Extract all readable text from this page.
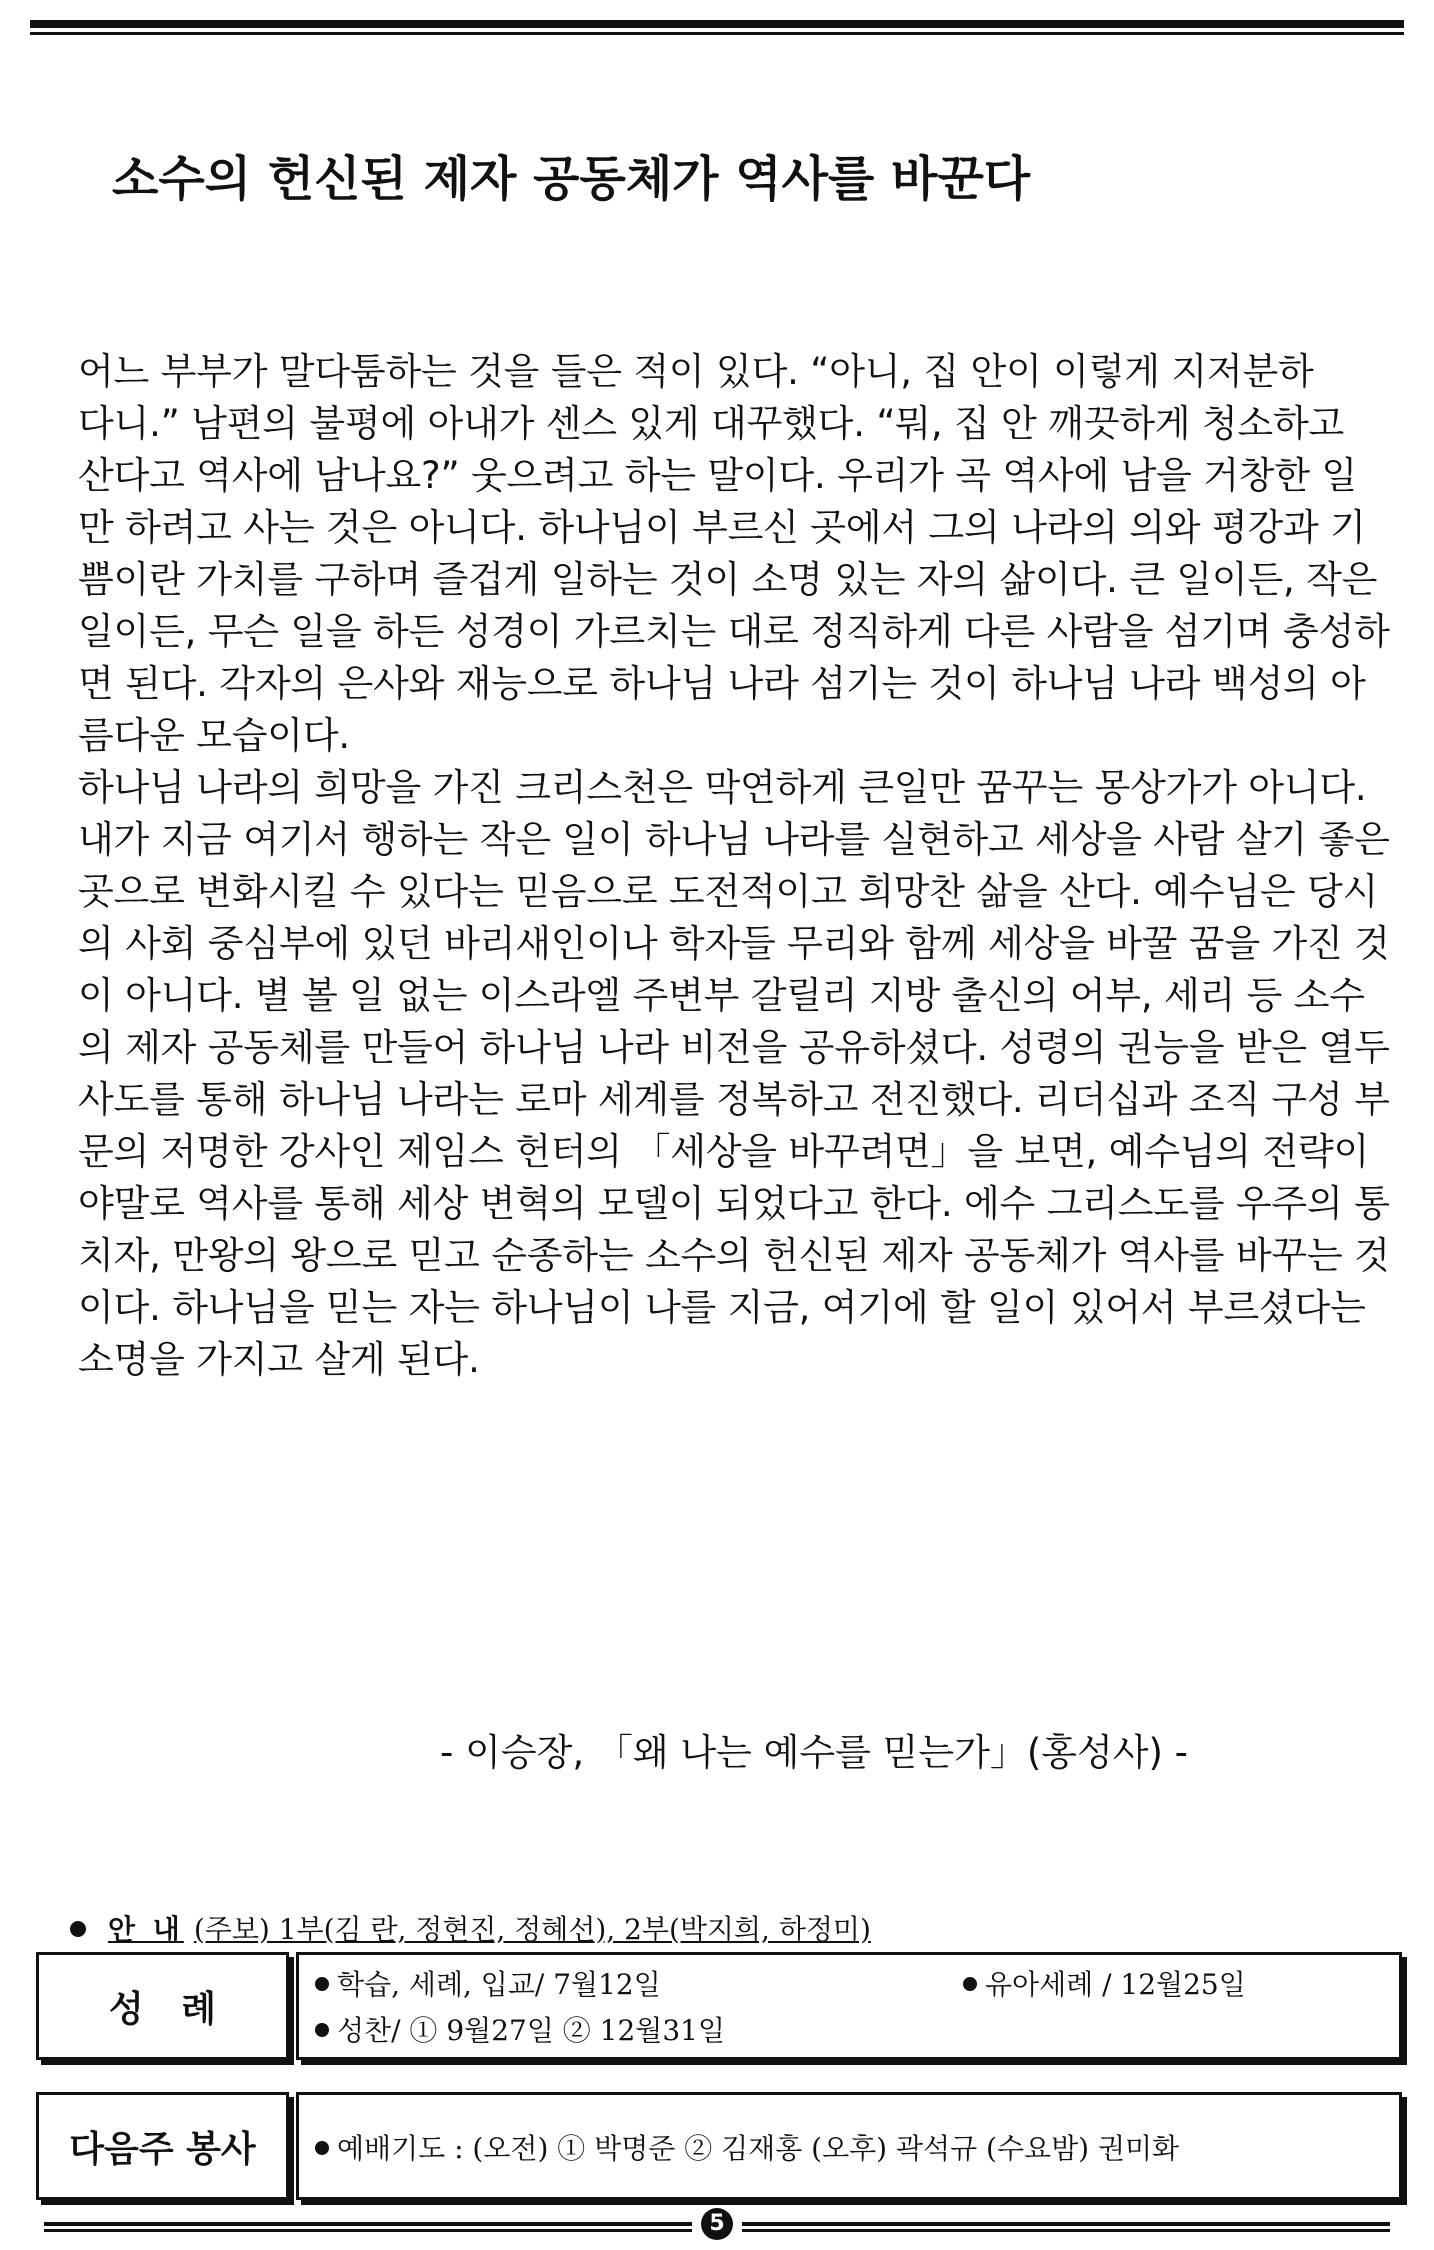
소수의 헌신된 제자 공동체가 역사를 바꾼다
어느 부부가 말다툼하는 것을 들은 적이 있다. “아니, 집 안이 이렇게 지저분하
다니.” 남편의 불평에 아내가 센스 있게 대꾸했다. “뭐, 집 안 깨끗하게 청소하고
산다고 역사에 남나요?” 웃으려고 하는 말이다. 우리가 곡 역사에 남을 거창한 일
만 하려고 사는 것은 아니다. 하나님이 부르신 곳에서 그의 나라의 의와 평강과 기
쁨이란 가치를 구하며 즐겁게 일하는 것이 소명 있는 자의 삶이다. 큰 일이든, 작은
일이든, 무슨 일을 하든 성경이 가르치는 대로 정직하게 다른 사람을 섬기며 충성하
면 된다. 각자의 은사와 재능으로 하나님 나라 섬기는 것이 하나님 나라 백성의 아
름다운 모습이다.
하나님 나라의 희망을 가진 크리스천은 막연하게 큰일만 꿈꾸는 몽상가가 아니다.
내가 지금 여기서 행하는 작은 일이 하나님 나라를 실현하고 세상을 사람 살기 좋은
곳으로 변화시킬 수 있다는 믿음으로 도전적이고 희망찬 삶을 산다. 예수님은 당시
의 사회 중심부에 있던 바리새인이나 학자들 무리와 함께 세상을 바꿀 꿈을 가진 것
이 아니다. 별 볼 일 없는 이스라엘 주변부 갈릴리 지방 출신의 어부, 세리 등 소수
의 제자 공동체를 만들어 하나님 나라 비전을 공유하셨다. 성령의 권능을 받은 열두
사도를 통해 하나님 나라는 로마 세계를 정복하고 전진했다. 리더십과 조직 구성 부
문의 저명한 강사인 제임스 헌터의 「세상을 바꾸려면」을 보면, 예수님의 전략이
야말로 역사를 통해 세상 변혁의 모델이 되었다고 한다. 에수 그리스도를 우주의 통
치자, 만왕의 왕으로 믿고 순종하는 소수의 헌신된 제자 공동체가 역사를 바꾸는 것
이다. 하나님을 믿는 자는 하나님이 나를 지금, 여기에 할 일이 있어서 부르셨다는
소명을 가지고 살게 된다.
- 이승장, 「왜 나는 예수를 믿는가」(홍성사) -
안 내 (주보) 1부(김 란, 정현진, 정혜선), 2부(박지희, 하정미)
성   례
학습, 세례, 입교/ 7월12일	유아세례 / 12월25일
성찬/ ① 9월27일 ② 12월31일
다음주 봉사	예배기도 : (오전) ① 박명준 ② 김재홍 (오후) 곽석규 (수요밤) 권미화
5
